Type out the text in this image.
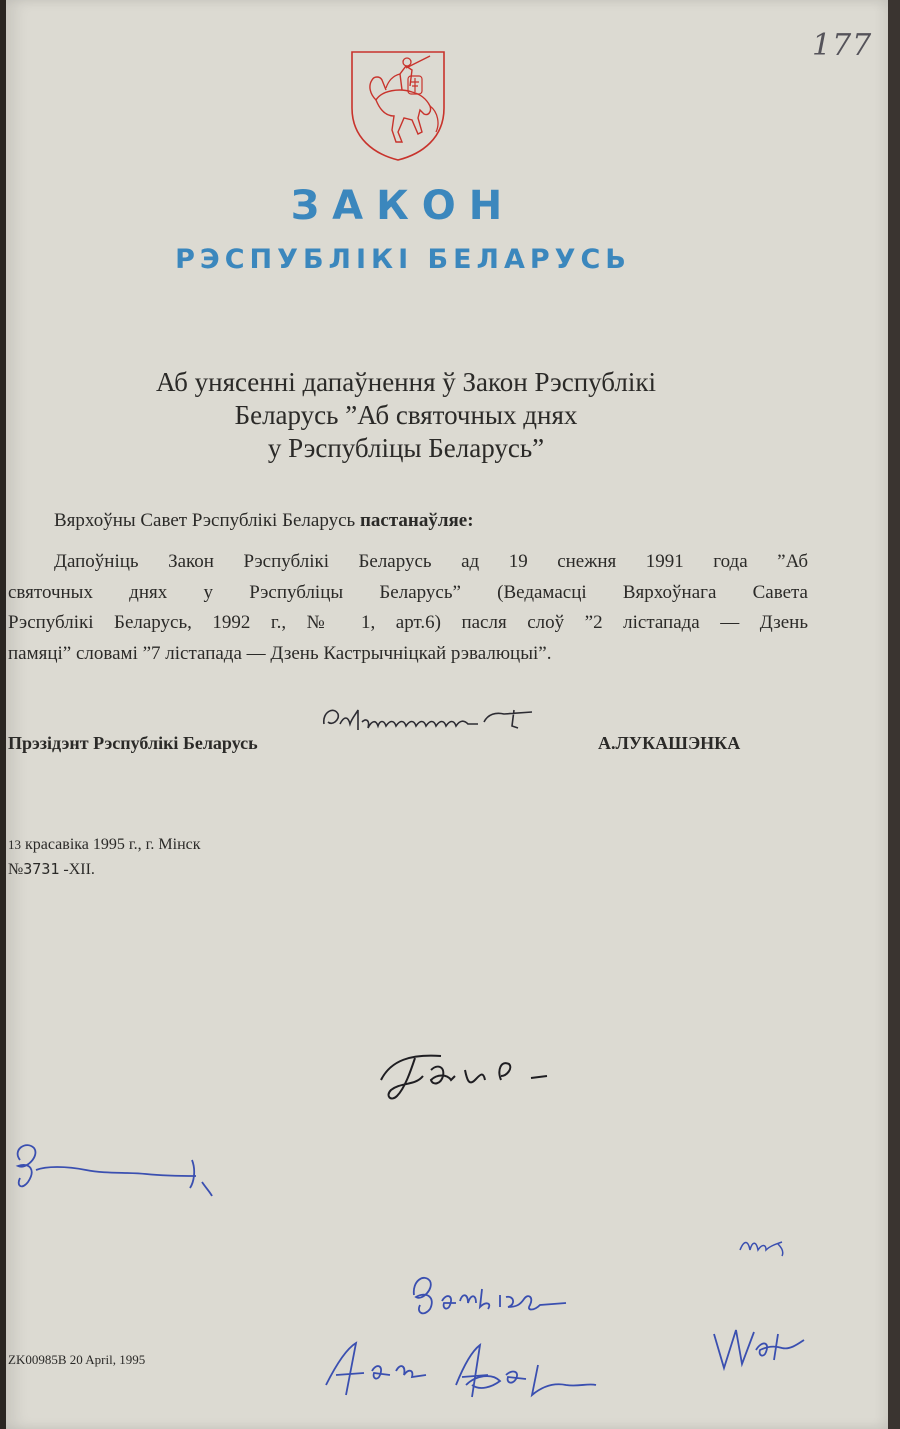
177
ЗАКОН
РЭСПУБЛІКІ БЕЛАРУСЬ
Аб унясенні дапаўнення ў Закон Рэспублікі
Беларусь ”Аб святочных днях
у Рэспубліцы Беларусь”
Вярхоўны Савет Рэспублікі Беларусь пастанаўляе:
Дапоўніць Закон Рэспублікі Беларусь ад 19 снежня 1991 года ”Аб
святочных днях у Рэспубліцы Беларусь” (Ведамасці Вярхоўнага Савета
Рэспублікі Беларусь, 1992 г., № 1, арт.6) пасля слоў ”2 лістапада — Дзень
памяці” словамі ”7 лістапада — Дзень Кастрычніцкай рэвалюцыі”.
Прэзідэнт Рэспублікі Беларусь	А.ЛУКАШЭНКА
13 красавіка 1995 г., г. Мінск
№3731 -XII.
ZK00985B 20 April, 1995
